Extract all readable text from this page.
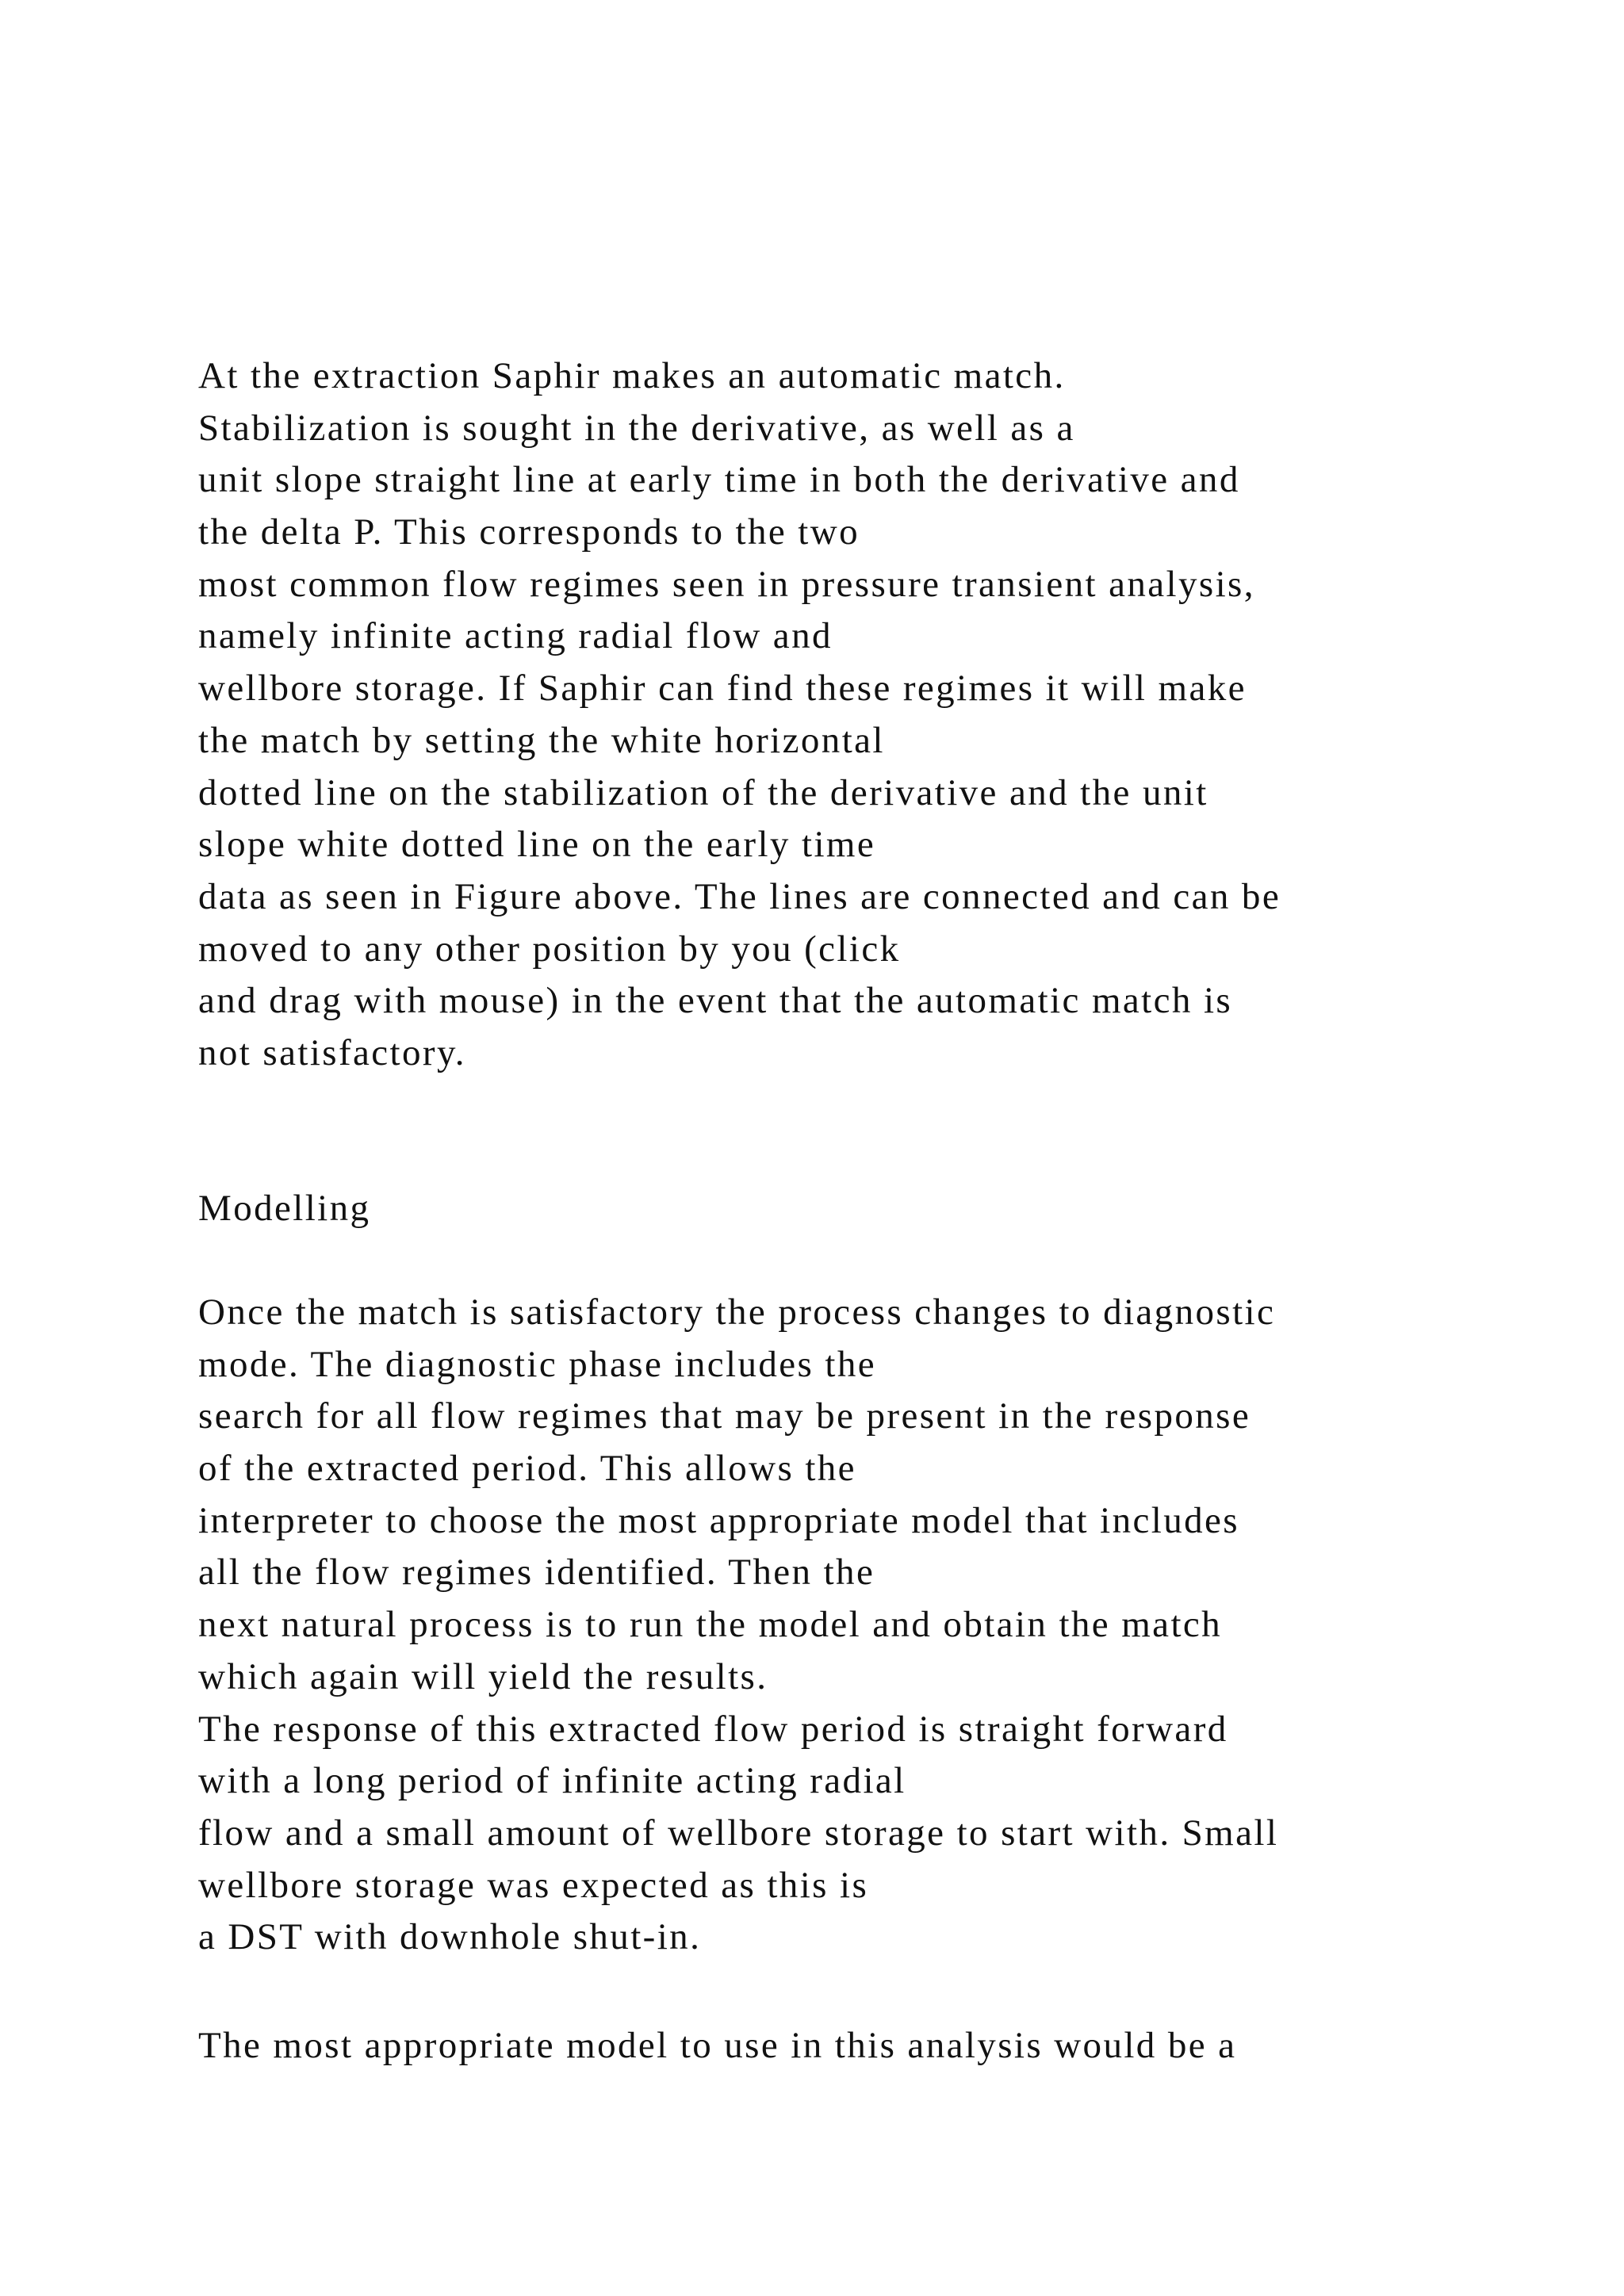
At the extraction Saphir makes an automatic match.
Stabilization is sought in the derivative, as well as a
unit slope straight line at early time in both the derivative and
the delta P. This corresponds to the two
most common flow regimes seen in pressure transient analysis,
namely infinite acting radial flow and
wellbore storage. If Saphir can find these regimes it will make
the match by setting the white horizontal
dotted line on the stabilization of the derivative and the unit
slope white dotted line on the early time
data as seen in Figure above. The lines are connected and can be
moved to any other position by you (click
and drag with mouse) in the event that the automatic match is
not satisfactory.
Modelling
Once the match is satisfactory the process changes to diagnostic
mode. The diagnostic phase includes the
search for all flow regimes that may be present in the response
of the extracted period. This allows the
interpreter to choose the most appropriate model that includes
all the flow regimes identified. Then the
next natural process is to run the model and obtain the match
which again will yield the results.
The response of this extracted flow period is straight forward
with a long period of infinite acting radial
flow and a small amount of wellbore storage to start with. Small
wellbore storage was expected as this is
a DST with downhole shut-in.
The most appropriate model to use in this analysis would be a
